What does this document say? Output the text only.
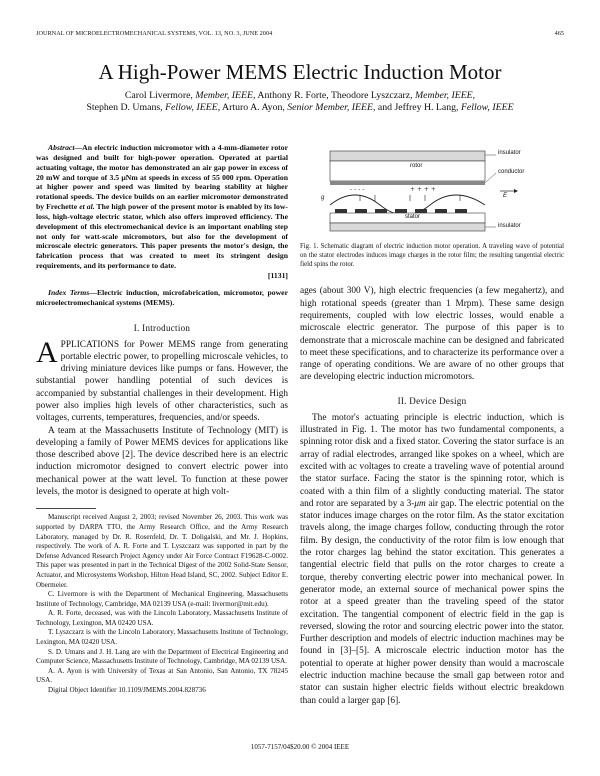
JOURNAL OF MICROELECTROMECHANICAL SYSTEMS, VOL. 13, NO. 3, JUNE 2004	465
A High-Power MEMS Electric Induction Motor
Carol Livermore, Member, IEEE, Anthony R. Forte, Theodore Lyszczarz, Member, IEEE,
Stephen D. Umans, Fellow, IEEE, Arturo A. Ayon, Senior Member, IEEE, and Jeffrey H. Lang, Fellow, IEEE

Abstract—An electric induction micromotor with a 4-mm-diameter rotor was designed and built for high-power operation. Operated at partial actuating voltage, the motor has demonstrated an air gap power in excess of 20 mW and torque of 3.5 μNm at speeds in excess of 55 000 rpm. Operation at higher power and speed was limited by bearing stability at higher rotational speeds. The device builds on an earlier micromotor demonstrated by Frechette et al. The high power of the present motor is enabled by its low-loss, high-voltage electric stator, which also offers improved efficiency. The development of this electromechanical device is an important enabling step not only for watt-scale micromotors, but also for the development of microscale electric generators. This paper presents the motor's design, the fabrication process that was created to meet its stringent design requirements, and its performance to date.

[1131]

Index Terms—Electric induction, microfabrication, micromotor, power microelectromechanical systems (MEMS).

I. Introduction

APPLICATIONS for Power MEMS range from generating portable electric power, to propelling microscale vehicles, to driving miniature devices like pumps or fans. However, the substantial power handling potential of such devices is accompanied by substantial challenges in their development. High power also implies high levels of other characteristics, such as voltages, currents, temperatures, frequencies, and/or speeds.

A team at the Massachusetts Institute of Technology (MIT) is developing a family of Power MEMS devices for applications like those described above [2]. The device described here is an electric induction micromotor designed to convert electric power into mechanical power at the watt level. To function at these power levels, the motor is designed to operate at high volt-

Manuscript received August 2, 2003; revised November 26, 2003. This work was supported by DARPA TTO, the Army Research Office, and the Army Research Laboratory, managed by Dr. R. Rosenfeld, Dr. T. Doligalski, and Mr. J. Hopkins, respectively. The work of A. R. Forte and T. Lyszczarz was supported in part by the Defense Advanced Research Project Agency under Air Force Contract F19628-C-0002. This paper was presented in part in the Technical Digest of the 2002 Solid-State Sensor, Actuator, and Microsystems Workshop, Hilton Head Island, SC, 2002. Subject Editor E. Obermeier.

C. Livermore is with the Department of Mechanical Engineering, Massachusetts Institute of Technology, Cambridge, MA 02139 USA (e-mail: livermor@mit.edu).

A. R. Forte, deceased, was with the Lincoln Laboratory, Massachusetts Institute of Technology, Lexington, MA 02420 USA.

T. Lyszczarz is with the Lincoln Laboratory, Massachusetts Institute of Technology, Lexington, MA 02420 USA.

S. D. Umans and J. H. Lang are with the Department of Electrical Engineering and Computer Science, Massachusetts Institute of Technology, Cambridge, MA 02139 USA.

A. A. Ayon is with University of Texas at San Antonio, San Antonio, TX 78245 USA.

Digital Object Identifier 10.1109/JMEMS.2004.828736

- - - -	+ + + +
rotor
stator
insulator
conductor
E
g
insulator

Fig. 1. Schematic diagram of electric induction motor operation. A traveling wave of potential on the stator electrodes induces image charges in the rotor film; the resulting tangential electric field spins the rotor.

ages (about 300 V), high electric frequencies (a few megahertz), and high rotational speeds (greater than 1 Mrpm). These same design requirements, coupled with low electric losses, would enable a microscale electric generator. The purpose of this paper is to demonstrate that a microscale machine can be designed and fabricated to meet these specifications, and to characterize its performance over a range of operating conditions. We are aware of no other groups that are developing electric induction micromotors.

II. Device Design

The motor's actuating principle is electric induction, which is illustrated in Fig. 1. The motor has two fundamental components, a spinning rotor disk and a fixed stator. Covering the stator surface is an array of radial electrodes, arranged like spokes on a wheel, which are excited with ac voltages to create a traveling wave of potential around the stator surface. Facing the stator is the spinning rotor, which is coated with a thin film of a slightly conducting material. The stator and rotor are separated by a 3-μm air gap. The electric potential on the stator induces image charges on the rotor film. As the stator excitation travels along, the image charges follow, conducting through the rotor film. By design, the conductivity of the rotor film is low enough that the rotor charges lag behind the stator excitation. This generates a tangential electric field that pulls on the rotor charges to create a torque, thereby converting electric power into mechanical power. In generator mode, an external source of mechanical power spins the rotor at a speed greater than the traveling speed of the stator excitation. The tangential component of electric field in the gap is reversed, slowing the rotor and sourcing electric power into the stator. Further description and models of electric induction machines may be found in [3]–[5]. A microscale electric induction motor has the potential to operate at higher power density than would a macroscale electric induction machine because the small gap between rotor and stator can sustain higher electric fields without electric breakdown than could a larger gap [6].

1057-7157/04$20.00 © 2004 IEEE
